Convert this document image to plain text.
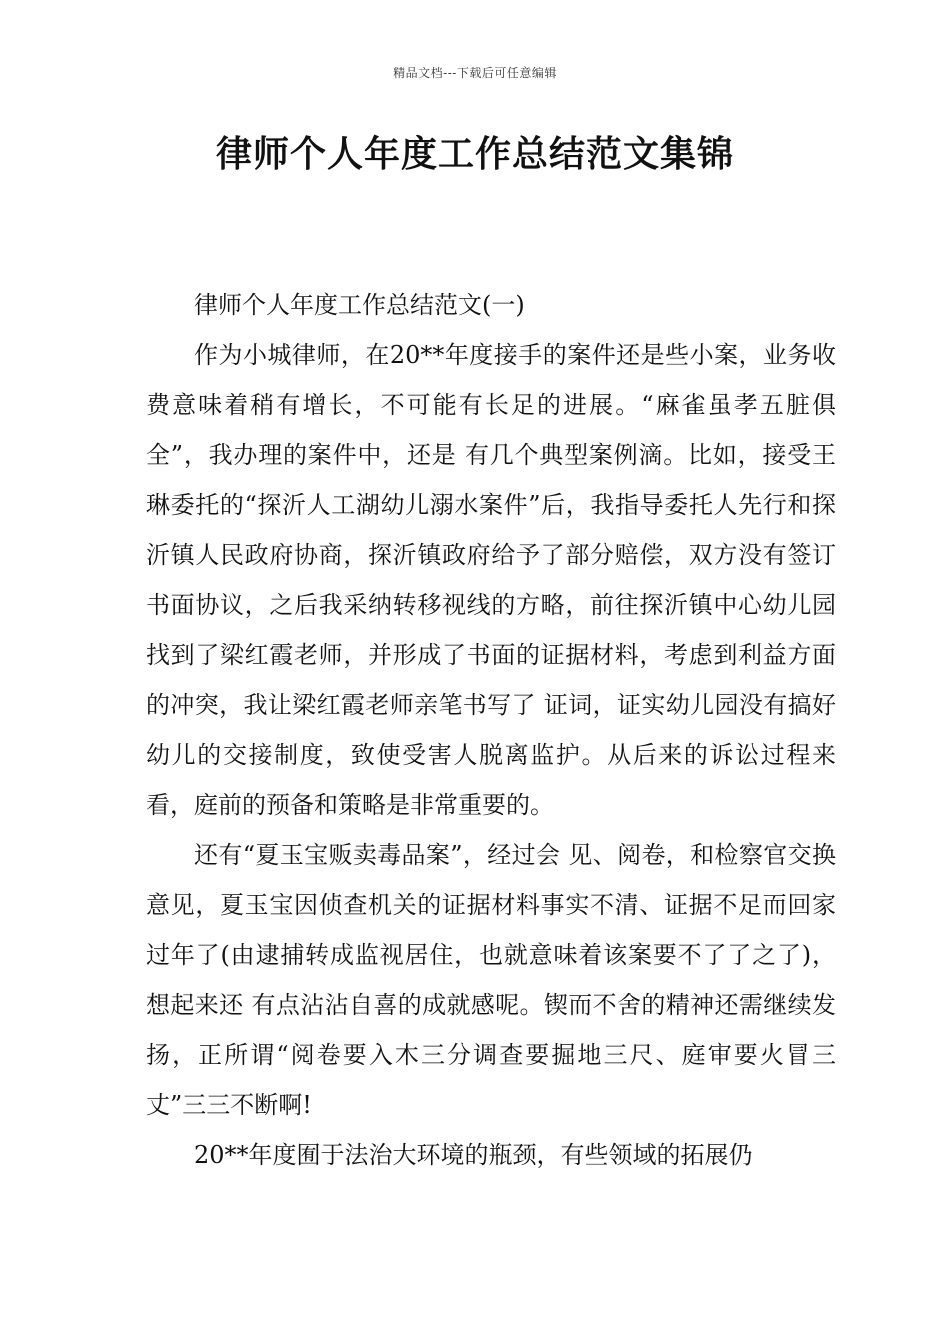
精品文档---下载后可任意编辑
律师个人年度工作总结范文集锦

律师个人年度工作总结范文(一)

作为小城律师，在20**年度接手的案件还是些小案，业务收费意味着稍有增长，不可能有长足的进展。“麻雀虽孝五脏俱全”，我办理的案件中，还是 有几个典型案例滴。比如，接受王琳委托的“探沂人工湖幼儿溺水案件”后，我指导委托人先行和探沂镇人民政府协商，探沂镇政府给予了部分赔偿，双方没有签订 书面协议，之后我采纳转移视线的方略，前往探沂镇中心幼儿园找到了梁红霞老师，并形成了书面的证据材料，考虑到利益方面的冲突，我让梁红霞老师亲笔书写了 证词，证实幼儿园没有搞好幼儿的交接制度，致使受害人脱离监护。从后来的诉讼过程来看，庭前的预备和策略是非常重要的。

还有“夏玉宝贩卖毒品案”，经过会 见、阅卷，和检察官交换意见，夏玉宝因侦查机关的证据材料事实不清、证据不足而回家过年了(由逮捕转成监视居住，也就意味着该案要不了了之了)，想起来还 有点沾沾自喜的成就感呢。锲而不舍的精神还需继续发扬，正所谓“阅卷要入木三分调查要掘地三尺、庭审要火冒三丈”三三不断啊!

20**年度囿于法治大环境的瓶颈，有些领域的拓展仍
